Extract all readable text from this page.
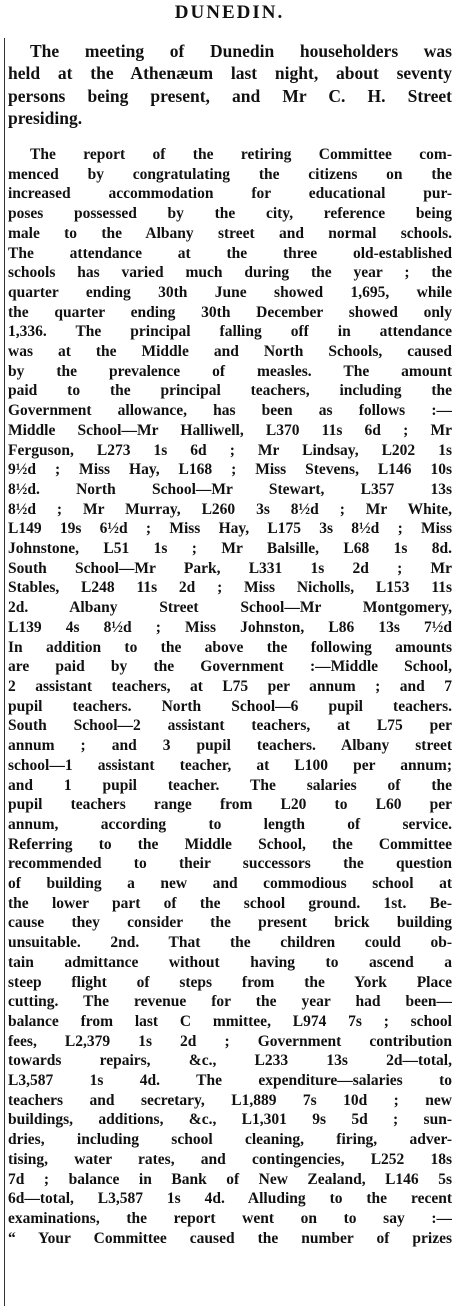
DUNEDIN.
The meeting of Dunedin householders was
held at the Athenæum last night, about seventy
persons being present, and Mr C. H. Street
presiding.
The report of the retiring Committee com-
menced by congratulating the citizens on the
increased accommodation for educational pur-
poses possessed by the city, reference being
male to the Albany street and normal schools.
The attendance at the three old-established
schools has varied much during the year ; the
quarter ending 30th June showed 1,695, while
the quarter ending 30th December showed only
1,336. The principal falling off in attendance
was at the Middle and North Schools, caused
by the prevalence of measles. The amount
paid to the principal teachers, including the
Government allowance, has been as follows :—
Middle School—Mr Halliwell, L370 11s 6d ; Mr
Ferguson, L273 1s 6d ; Mr Lindsay, L202 1s
9½d ; Miss Hay, L168 ; Miss Stevens, L146 10s
8½d. North School—Mr Stewart, L357 13s
8½d ; Mr Murray, L260 3s 8½d ; Mr White,
L149 19s 6½d ; Miss Hay, L175 3s 8½d ; Miss
Johnstone, L51 1s ; Mr Balsille, L68 1s 8d.
South School—Mr Park, L331 1s 2d ; Mr
Stables, L248 11s 2d ; Miss Nicholls, L153 11s
2d. Albany Street School—Mr Montgomery,
L139 4s 8½d ; Miss Johnston, L86 13s 7½d
In addition to the above the following amounts
are paid by the Government :—Middle School,
2 assistant teachers, at L75 per annum ; and 7
pupil teachers. North School—6 pupil teachers.
South School—2 assistant teachers, at L75 per
annum ; and 3 pupil teachers. Albany street
school—1 assistant teacher, at L100 per annum;
and 1 pupil teacher. The salaries of the
pupil teachers range from L20 to L60 per
annum, according to length of service.
Referring to the Middle School, the Committee
recommended to their successors the question
of building a new and commodious school at
the lower part of the school ground. 1st. Be-
cause they consider the present brick building
unsuitable. 2nd. That the children could ob-
tain admittance without having to ascend a
steep flight of steps from the York Place
cutting. The revenue for the year had been—
balance from last C mmittee, L974 7s ; school
fees, L2,379 1s 2d ; Government contribution
towards repairs, &c., L233 13s 2d—total,
L3,587 1s 4d. The expenditure—salaries to
teachers and secretary, L1,889 7s 10d ; new
buildings, additions, &c., L1,301 9s 5d ; sun-
dries, including school cleaning, firing, adver-
tising, water rates, and contingencies, L252 18s
7d ; balance in Bank of New Zealand, L146 5s
6d—total, L3,587 1s 4d. Alluding to the recent
examinations, the report went on to say :—
“ Your Committee caused the number of prizes
